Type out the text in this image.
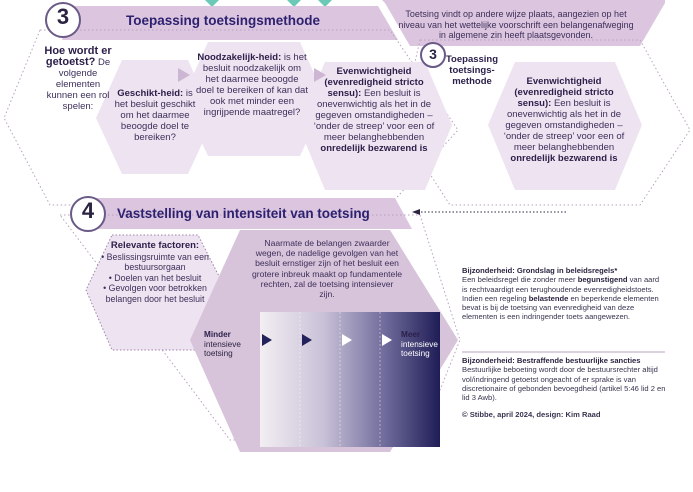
3	Toepassing toetsingsmethode
Hoe wordt er getoetst? De volgende elementen kunnen een rol spelen:
Geschikt-heid: is het besluit geschikt om het daarmee beoogde doel te bereiken?
Noodzakelijk-heid: is het besluit noodzakelijk om het daarmee beoogde doel te bereiken of kan dat ook met minder een ingrijpende maatregel?
Evenwichtigheid (evenredigheid stricto sensu): Een besluit is onevenwichtig als het in de gegeven omstandigheden – ‘onder de streep’ voor een of meer belanghebbenden onredelijk bezwarend is
Toetsing vindt op andere wijze plaats, aangezien op het niveau van het wettelijke voorschrift een belangenafweging in algemene zin heeft plaatsgevonden.
3 Toepassing toetsings-methode	Evenwichtigheid (evenredigheid stricto sensu): Een besluit is onevenwichtig als het in de gegeven omstandigheden – ‘onder de streep’ voor een of meer belanghebbenden onredelijk bezwarend is
4	Vaststelling van intensiteit van toetsing
Relevante factoren:
• Beslissingsruimte van een bestuursorgaan
• Doelen van het besluit
• Gevolgen voor betrokken belangen door het besluit
Naarmate de belangen zwaarder wegen, de nadelige gevolgen van het besluit ernstiger zijn of het besluit een grotere inbreuk maakt op fundamentele rechten, zal de toetsing intensiever zijn.
Minder
intensieve toetsing
Meer
intensieve toetsing
Bijzonderheid: Grondslag in beleidsregels*
Een beleidsregel die zonder meer begunstigend van aard is rechtvaardigt een terughoudende evenredigheidstoets. Indien een regeling belastende en beperkende elementen bevat is bij de toetsing van evenredigheid van deze elementen is een indringender toets aangewezen.
Bijzonderheid: Bestraffende bestuurlijke sancties
Bestuurlijke beboeting wordt door de bestuursrechter altijd vol/indringend getoetst ongeacht of er sprake is van discretionaire of gebonden bevoegdheid (artikel 5:46 lid 2 en lid 3 Awb).
© Stibbe, april 2024, design: Kim Raad
